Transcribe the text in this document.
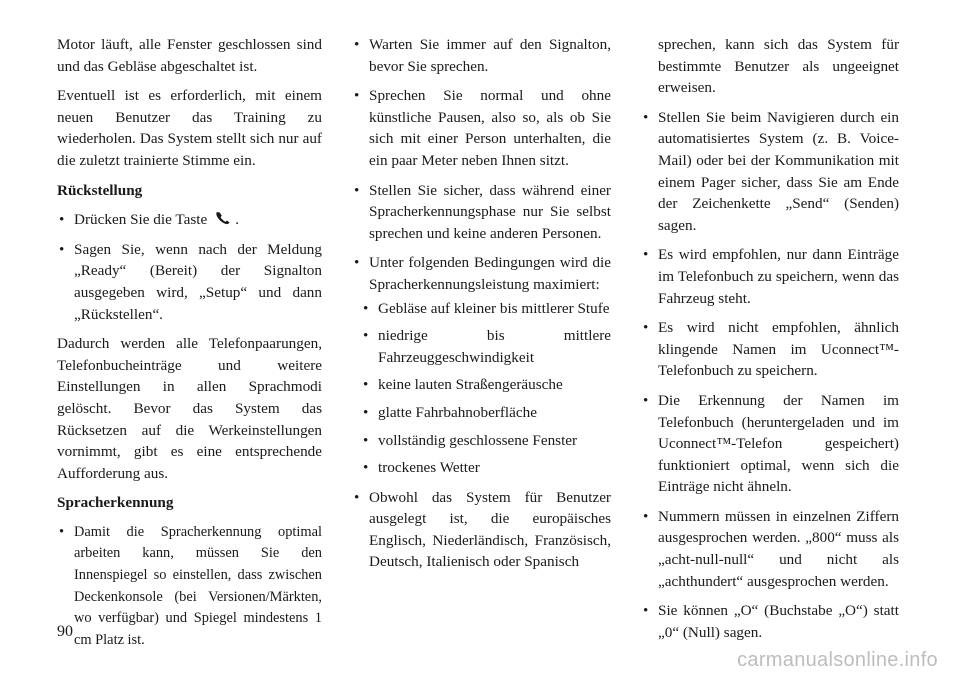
Motor läuft, alle Fenster geschlossen sind und das Gebläse abgeschaltet ist.

Eventuell ist es erforderlich, mit einem neuen Benutzer das Training zu wiederholen. Das System stellt sich nur auf die zuletzt trainierte Stimme ein.

Rückstellung
• Drücken Sie die Taste .
• Sagen Sie, wenn nach der Meldung „Ready“ (Bereit) der Signalton ausgegeben wird, „Setup“ und dann „Rückstellen“.

Dadurch werden alle Telefonpaarungen, Telefonbucheinträge und weitere Einstellungen in allen Sprachmodi gelöscht. Bevor das System das Rücksetzen auf die Werkeinstellungen vornimmt, gibt es eine entsprechende Aufforderung aus.

Spracherkennung
• Damit die Spracherkennung optimal arbeiten kann, müssen Sie den Innenspiegel so einstellen, dass zwischen Deckenkonsole (bei Versionen/Märkten, wo verfügbar) und Spiegel mindestens 1 cm Platz ist.
• Warten Sie immer auf den Signalton, bevor Sie sprechen.
• Sprechen Sie normal und ohne künstliche Pausen, also so, als ob Sie sich mit einer Person unterhalten, die ein paar Meter neben Ihnen sitzt.
• Stellen Sie sicher, dass während einer Spracherkennungsphase nur Sie selbst sprechen und keine anderen Personen.
• Unter folgenden Bedingungen wird die Spracherkennungsleistung maximiert:
• Gebläse auf kleiner bis mittlerer Stufe
• niedrige bis mittlere Fahrzeuggeschwindigkeit
• keine lauten Straßengeräusche
• glatte Fahrbahnoberfläche
• vollständig geschlossene Fenster
• trockenes Wetter
• Obwohl das System für Benutzer ausgelegt ist, die europäisches Englisch, Niederländisch, Französisch, Deutsch, Italienisch oder Spanisch

sprechen, kann sich das System für bestimmte Benutzer als ungeeignet erweisen.

• Stellen Sie beim Navigieren durch ein automatisiertes System (z. B. Voice-Mail) oder bei der Kommunikation mit einem Pager sicher, dass Sie am Ende der Zeichenkette „Send“ (Senden) sagen.
• Es wird empfohlen, nur dann Einträge im Telefonbuch zu speichern, wenn das Fahrzeug steht.
• Es wird nicht empfohlen, ähnlich klingende Namen im Uconnect™-Telefonbuch zu speichern.
• Die Erkennung der Namen im Telefonbuch (heruntergeladen und im Uconnect™-Telefon gespeichert) funktioniert optimal, wenn sich die Einträge nicht ähneln.
• Nummern müssen in einzelnen Ziffern ausgesprochen werden. „800“ muss als „acht-null-null“ und nicht als „achthundert“ ausgesprochen werden.
• Sie können „O“ (Buchstabe „O“) statt „0“ (Null) sagen.
90
carmanualsonline.info
